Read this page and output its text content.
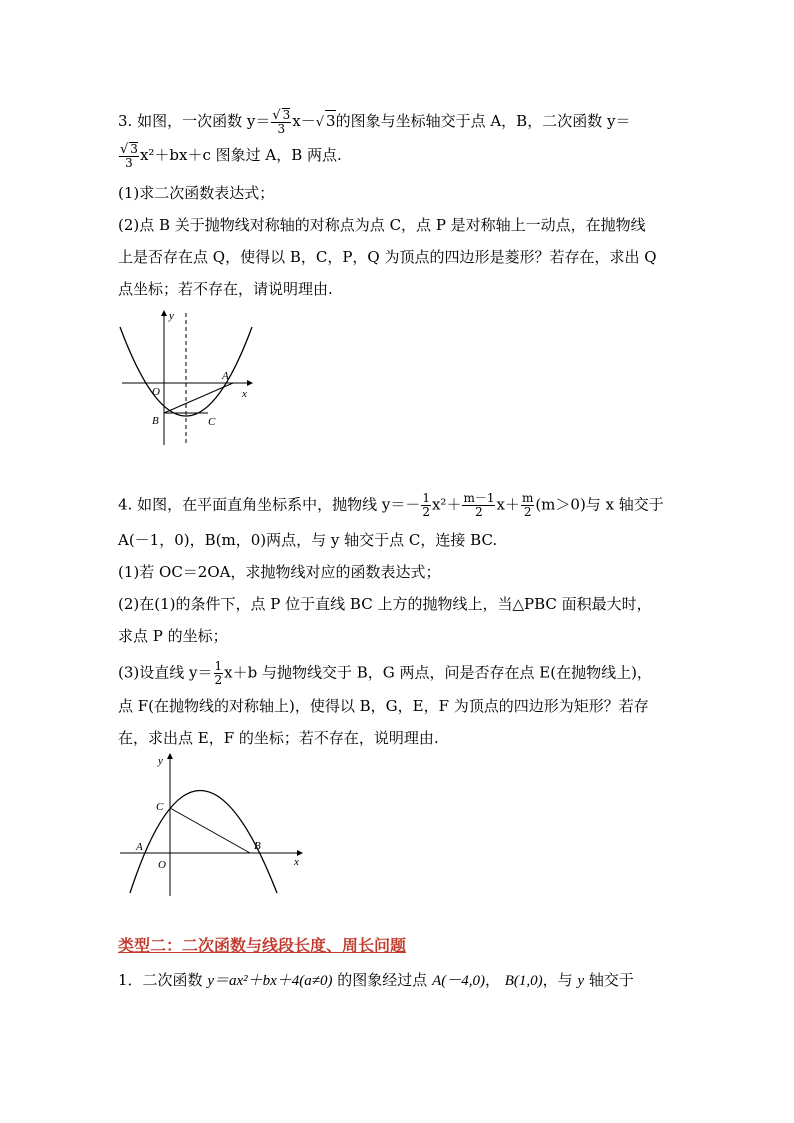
3. 如图，一次函数 $y= \frac{√ 3}{3} x-√$ 3的图象与坐标轴交于点 A，B，二次函数 y＝
$\frac{√ 3}{3} x^2+bx+c$ 图象过 A，B 两点.
(1)求二次函数表达式；
(2)点 B 关于抛物线对称轴的对称点为点 C，点 P 是对称轴上一动点，在抛物线
上是否存在点 Q，使得以 B，C，P，Q 为顶点的四边形是菱形？若存在，求出 Q
点坐标；若不存在，请说明理由.
y
x
O
A
B	C
4. 如图，在平面直角坐标系中，抛物线 $y=- \frac{1}{2} x^2+ \frac{m-1}{2} x+ \frac{m}{2} (m>0)$与 x 轴交于
A(－1，0)，B(m，0)两点，与 y 轴交于点 C，连接 BC.
(1)若 OC＝2OA，求抛物线对应的函数表达式；
(2)在(1)的条件下，点 P 位于直线 BC 上方的抛物线上，当△PBC 面积最大时，
求点 P 的坐标；
(3)设直线 $y= \frac{1}{2} x+b$ 与抛物线交于 B，G 两点，问是否存在点 E(在抛物线上)，
点 F(在抛物线的对称轴上)，使得以 B，G，E，F 为顶点的四边形为矩形？若存
在，求出点 E，F 的坐标；若不存在，说明理由.
y
x
O
A	B
C
类型二：二次函数与线段长度、周长问题
1．二次函数 y＝ax²＋bx＋4(a≠0) 的图象经过点 A(－4,0)， B(1,0)，与 y 轴交于
